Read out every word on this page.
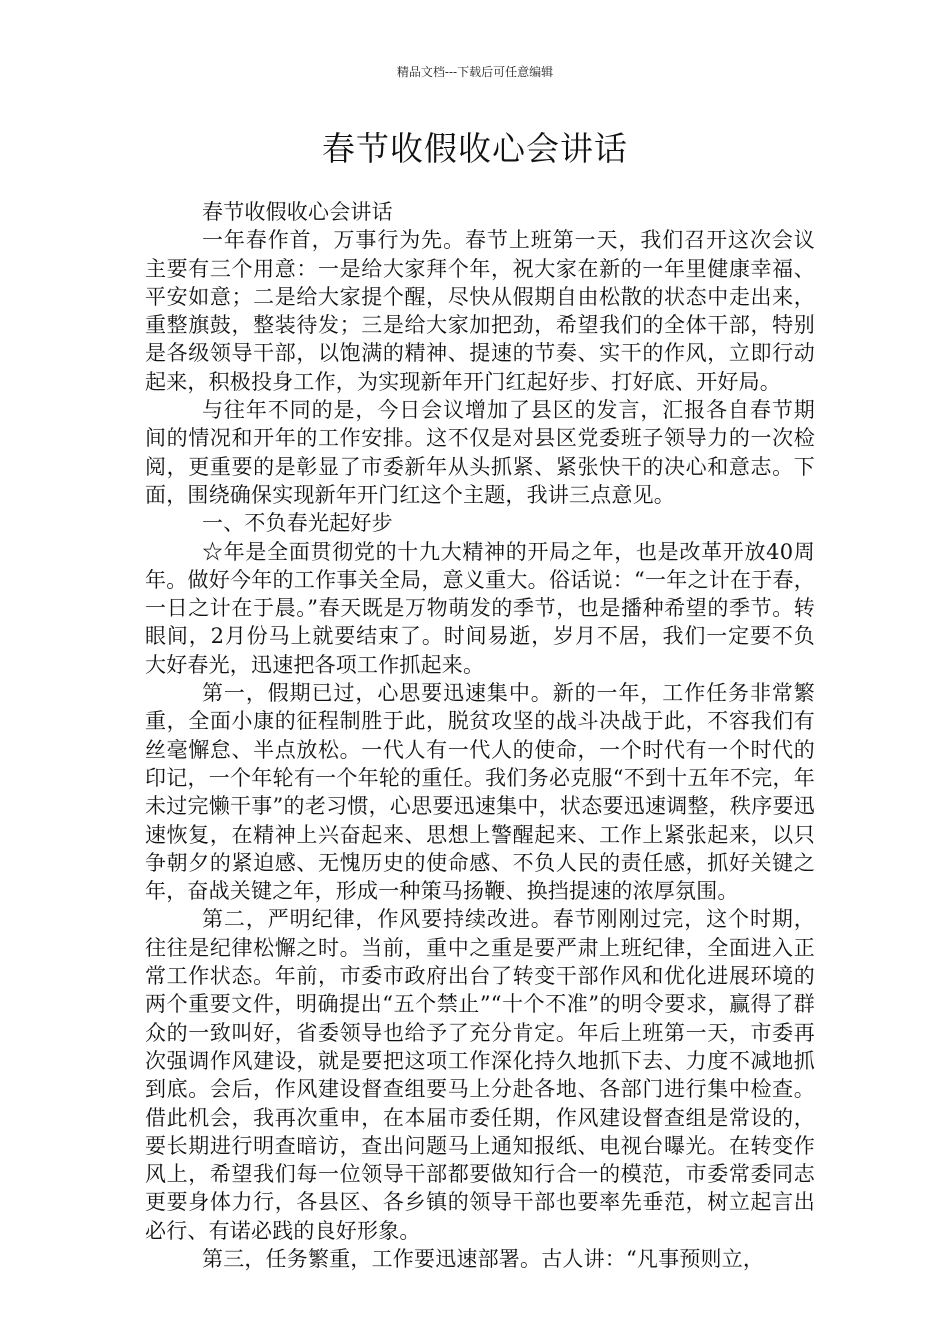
精品文档---下载后可任意编辑
春节收假收心会讲话

春节收假收心会讲话

一年春作首，万事行为先。春节上班第一天，我们召开这次会议主要有三个用意：一是给大家拜个年，祝大家在新的一年里健康幸福、平安如意；二是给大家提个醒，尽快从假期自由松散的状态中走出来，重整旗鼓，整装待发；三是给大家加把劲，希望我们的全体干部，特别是各级领导干部，以饱满的精神、提速的节奏、实干的作风，立即行动起来，积极投身工作，为实现新年开门红起好步、打好底、开好局。

与往年不同的是，今日会议增加了县区的发言，汇报各自春节期间的情况和开年的工作安排。这不仅是对县区党委班子领导力的一次检阅，更重要的是彰显了市委新年从头抓紧、紧张快干的决心和意志。下面，围绕确保实现新年开门红这个主题，我讲三点意见。

一、不负春光起好步

☆年是全面贯彻党的十九大精神的开局之年，也是改革开放40周年。做好今年的工作事关全局，意义重大。俗话说：“一年之计在于春，一日之计在于晨。”春天既是万物萌发的季节，也是播种希望的季节。转眼间，2月份马上就要结束了。时间易逝，岁月不居，我们一定要不负大好春光，迅速把各项工作抓起来。

第一，假期已过，心思要迅速集中。新的一年，工作任务非常繁重，全面小康的征程制胜于此，脱贫攻坚的战斗决战于此，不容我们有丝毫懈怠、半点放松。一代人有一代人的使命，一个时代有一个时代的印记，一个年轮有一个年轮的重任。我们务必克服“不到十五年不完，年未过完懒干事”的老习惯，心思要迅速集中，状态要迅速调整，秩序要迅速恢复，在精神上兴奋起来、思想上警醒起来、工作上紧张起来，以只争朝夕的紧迫感、无愧历史的使命感、不负人民的责任感，抓好关键之年，奋战关键之年，形成一种策马扬鞭、换挡提速的浓厚氛围。

第二，严明纪律，作风要持续改进。春节刚刚过完，这个时期，往往是纪律松懈之时。当前，重中之重是要严肃上班纪律，全面进入正常工作状态。年前，市委市政府出台了转变干部作风和优化进展环境的两个重要文件，明确提出“五个禁止”“十个不准”的明令要求，赢得了群众的一致叫好，省委领导也给予了充分肯定。年后上班第一天，市委再次强调作风建设，就是要把这项工作深化持久地抓下去、力度不减地抓到底。会后，作风建设督查组要马上分赴各地、各部门进行集中检查。借此机会，我再次重申，在本届市委任期，作风建设督查组是常设的，要长期进行明查暗访，查出问题马上通知报纸、电视台曝光。在转变作风上，希望我们每一位领导干部都要做知行合一的模范，市委常委同志更要身体力行，各县区、各乡镇的领导干部也要率先垂范，树立起言出必行、有诺必践的良好形象。

第三，任务繁重，工作要迅速部署。古人讲：“凡事预则立，
